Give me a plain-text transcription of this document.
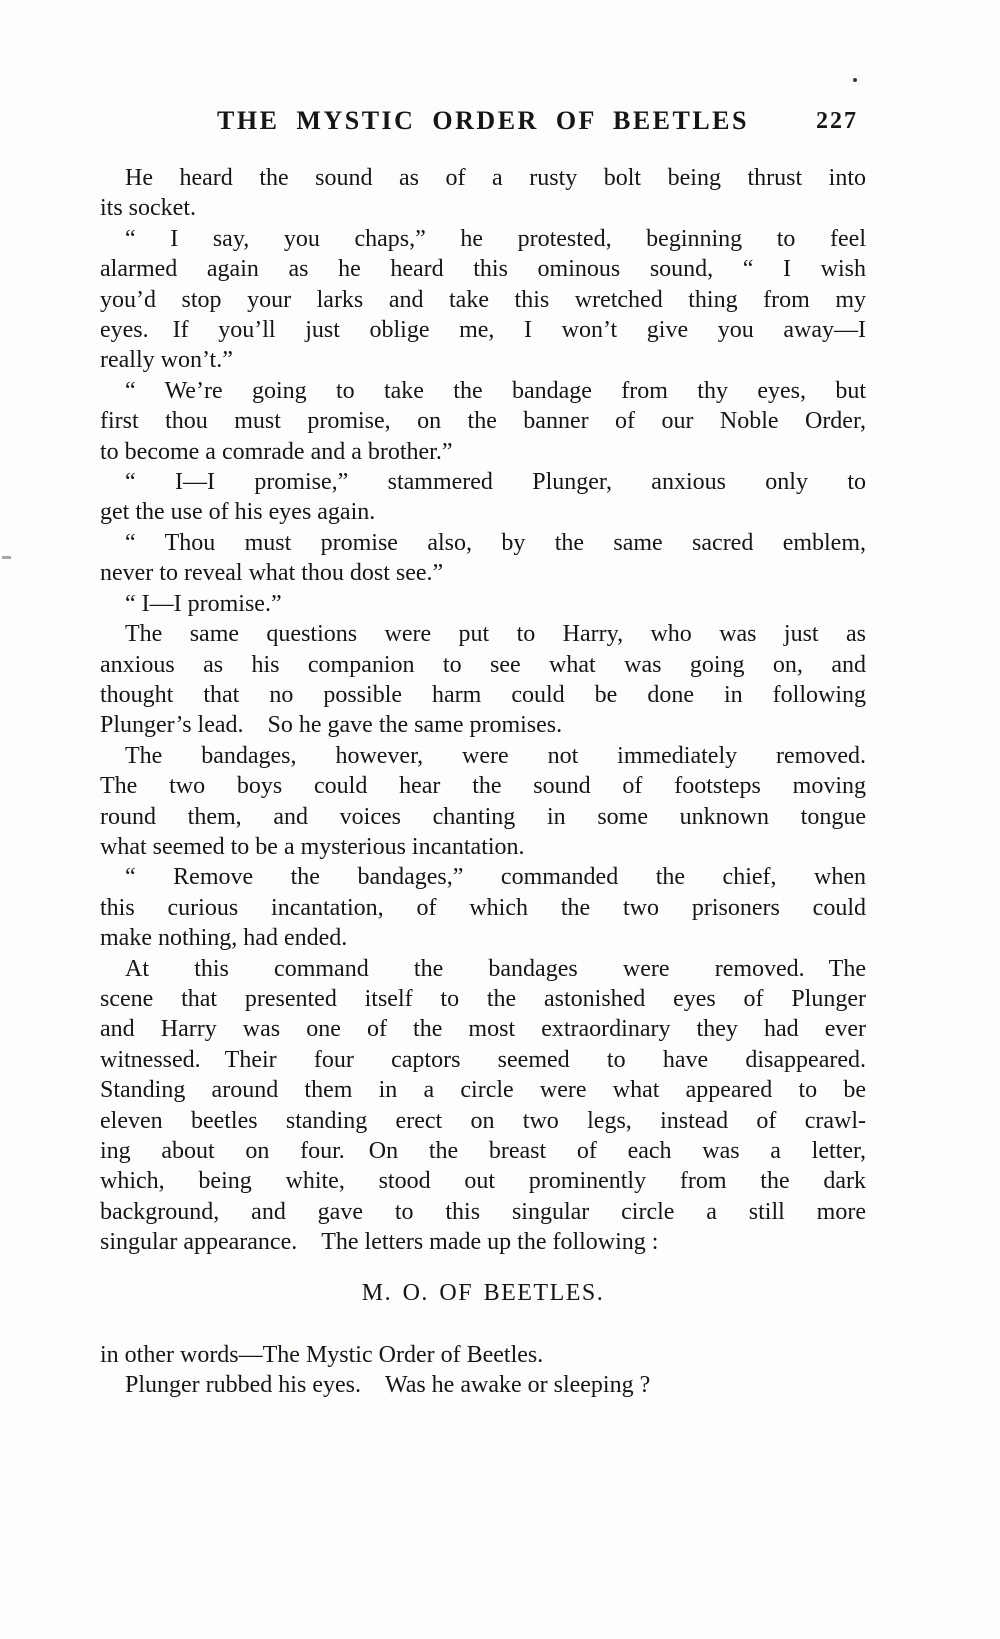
THE MYSTIC ORDER OF BEETLES	227
He heard the sound as of a rusty bolt being thrust into
its socket.
“ I say, you chaps,” he protested, beginning to feel
alarmed again as he heard this ominous sound, “ I wish
you’d stop your larks and take this wretched thing from my
eyes.  If you’ll just oblige me, I won’t give you away—I
really won’t.”
“ We’re going to take the bandage from thy eyes, but
first thou must promise, on the banner of our Noble Order,
to become a comrade and a brother.”
“ I—I promise,” stammered Plunger, anxious only to
get the use of his eyes again.
“ Thou must promise also, by the same sacred emblem,
never to reveal what thou dost see.”
“ I—I promise.”
The same questions were put to Harry, who was just as
anxious as his companion to see what was going on, and
thought that no possible harm could be done in following
Plunger’s lead.  So he gave the same promises.
The bandages, however, were not immediately removed.
The two boys could hear the sound of footsteps moving
round them, and voices chanting in some unknown tongue
what seemed to be a mysterious incantation.
“ Remove the bandages,” commanded the chief, when
this curious incantation, of which the two prisoners could
make nothing, had ended.
At this command the bandages were removed.  The
scene that presented itself to the astonished eyes of Plunger
and Harry was one of the most extraordinary they had ever
witnessed.  Their four captors seemed to have disappeared.
Standing around them in a circle were what appeared to be
eleven beetles standing erect on two legs, instead of crawl-
ing about on four.  On the breast of each was a letter,
which, being white, stood out prominently from the dark
background, and gave to this singular circle a still more
singular appearance.  The letters made up the following :
M. O. OF BEETLES.
in other words—The Mystic Order of Beetles.
Plunger rubbed his eyes.  Was he awake or sleeping ?
